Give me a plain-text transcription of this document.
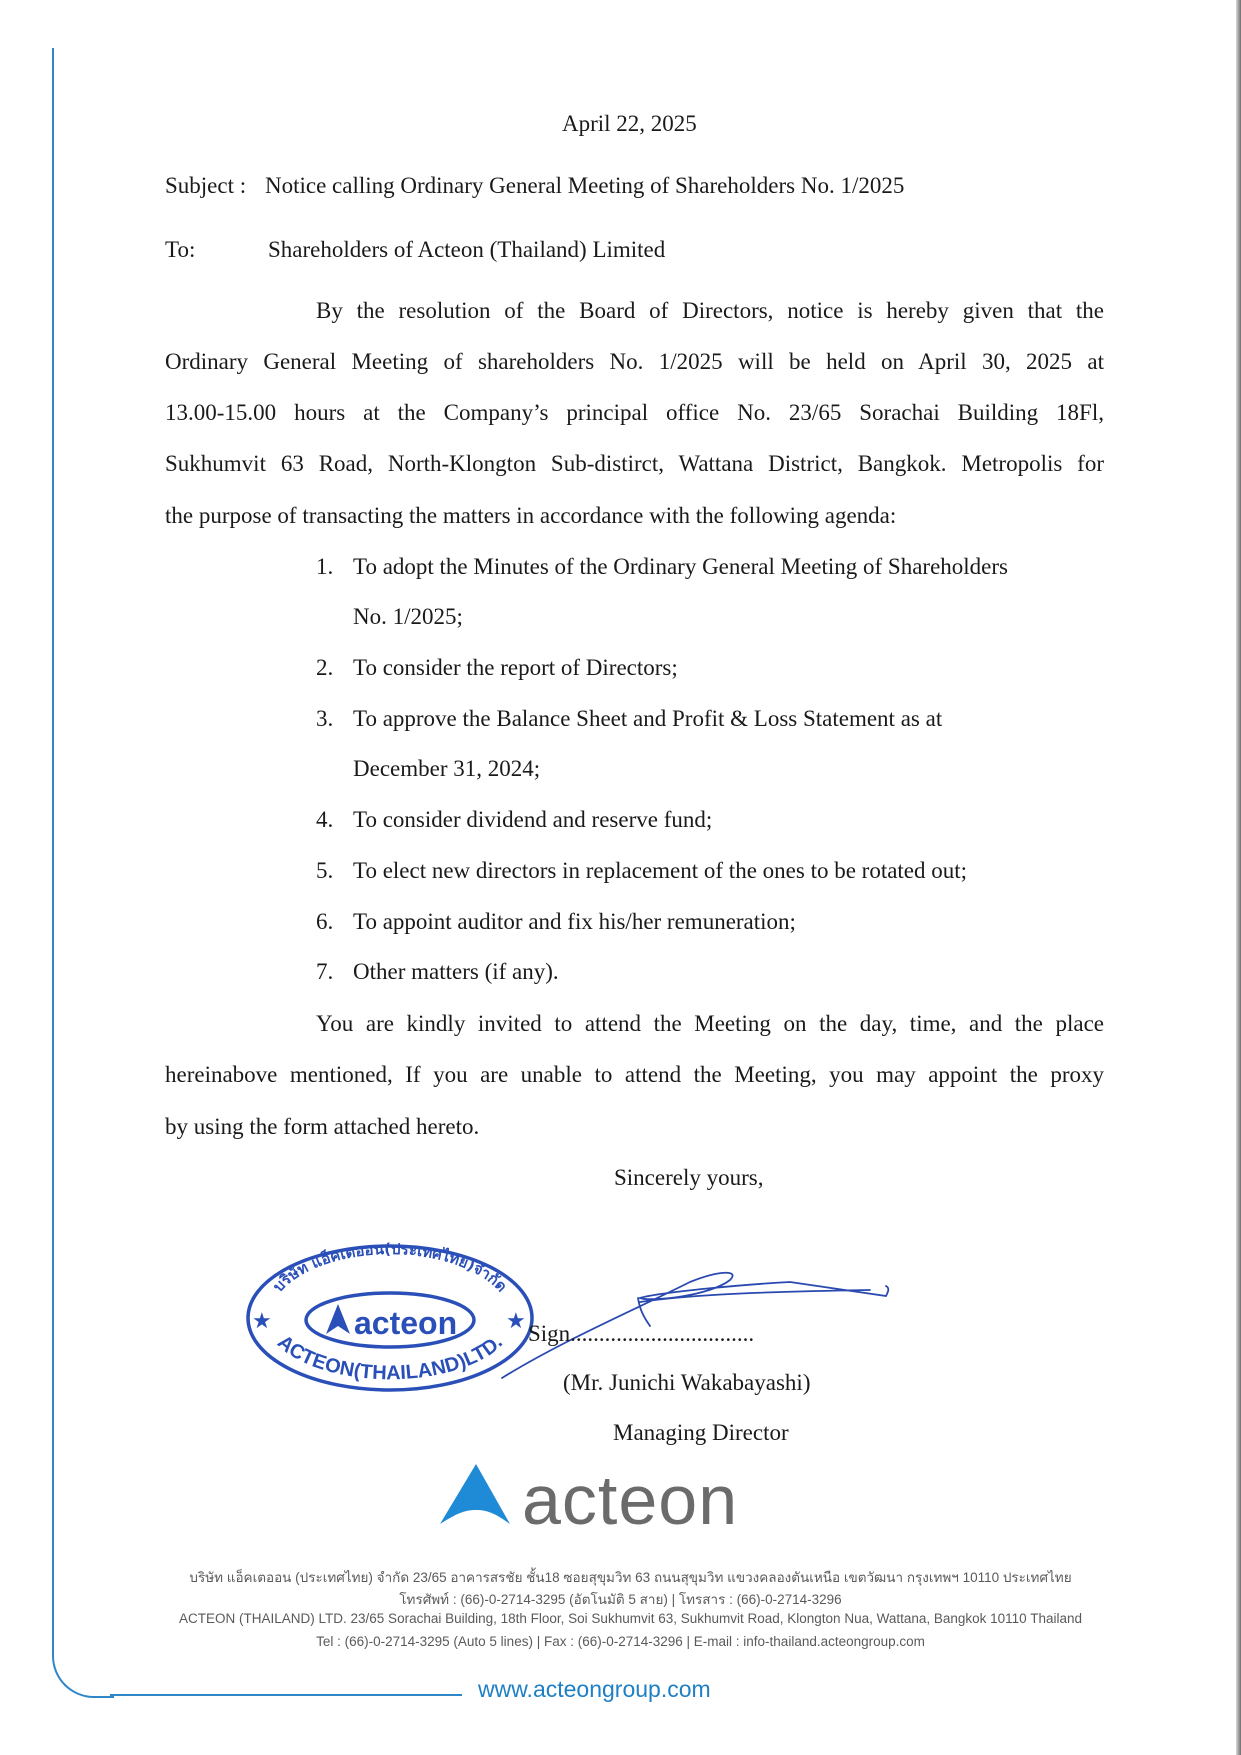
April 22, 2025
Subject : Notice calling Ordinary General Meeting of Shareholders No. 1/2025
To:	Shareholders of Acteon (Thailand) Limited
By the resolution of the Board of Directors, notice is hereby given that the
Ordinary General Meeting of shareholders No. 1/2025 will be held on April 30, 2025 at
13.00-15.00 hours at the Company’s principal office No. 23/65 Sorachai Building 18Fl,
Sukhumvit 63 Road, North-Klongton Sub-distirct, Wattana District, Bangkok. Metropolis for
the purpose of transacting the matters in accordance with the following agenda:
1. To adopt the Minutes of the Ordinary General Meeting of Shareholders
No. 1/2025;
2. To consider the report of Directors;
3. To approve the Balance Sheet and Profit & Loss Statement as at
December 31, 2024;
4. To consider dividend and reserve fund;
5. To elect new directors in replacement of the ones to be rotated out;
6. To appoint auditor and fix his/her remuneration;
7. Other matters (if any).
You are kindly invited to attend the Meeting on the day, time, and the place
hereinabove mentioned, If you are unable to attend the Meeting, you may appoint the proxy
by using the form attached hereto.
Sincerely yours,
บริษัท แอ็คเตออน(ประเทศไทย)จำกัด
ACTEON(THAILAND)LTD.
★	★
acteon	Sign................................
(Mr. Junichi Wakabayashi)
Managing Director
acteon
บริษัท แอ็คเตออน (ประเทศไทย) จำกัด 23/65 อาคารสรชัย ชั้น18 ซอยสุขุมวิท 63 ถนนสุขุมวิท แขวงคลองตันเหนือ เขตวัฒนา กรุงเทพฯ 10110 ประเทศไทย
โทรศัพท์ : (66)-0-2714-3295 (อัตโนมัติ 5 สาย) | โทรสาร : (66)-0-2714-3296
ACTEON (THAILAND) LTD. 23/65 Sorachai Building, 18th Floor, Soi Sukhumvit 63, Sukhumvit Road, Klongton Nua, Wattana, Bangkok 10110 Thailand
Tel : (66)-0-2714-3295 (Auto 5 lines) | Fax : (66)-0-2714-3296 | E-mail : info-thailand.acteongroup.com
www.acteongroup.com
